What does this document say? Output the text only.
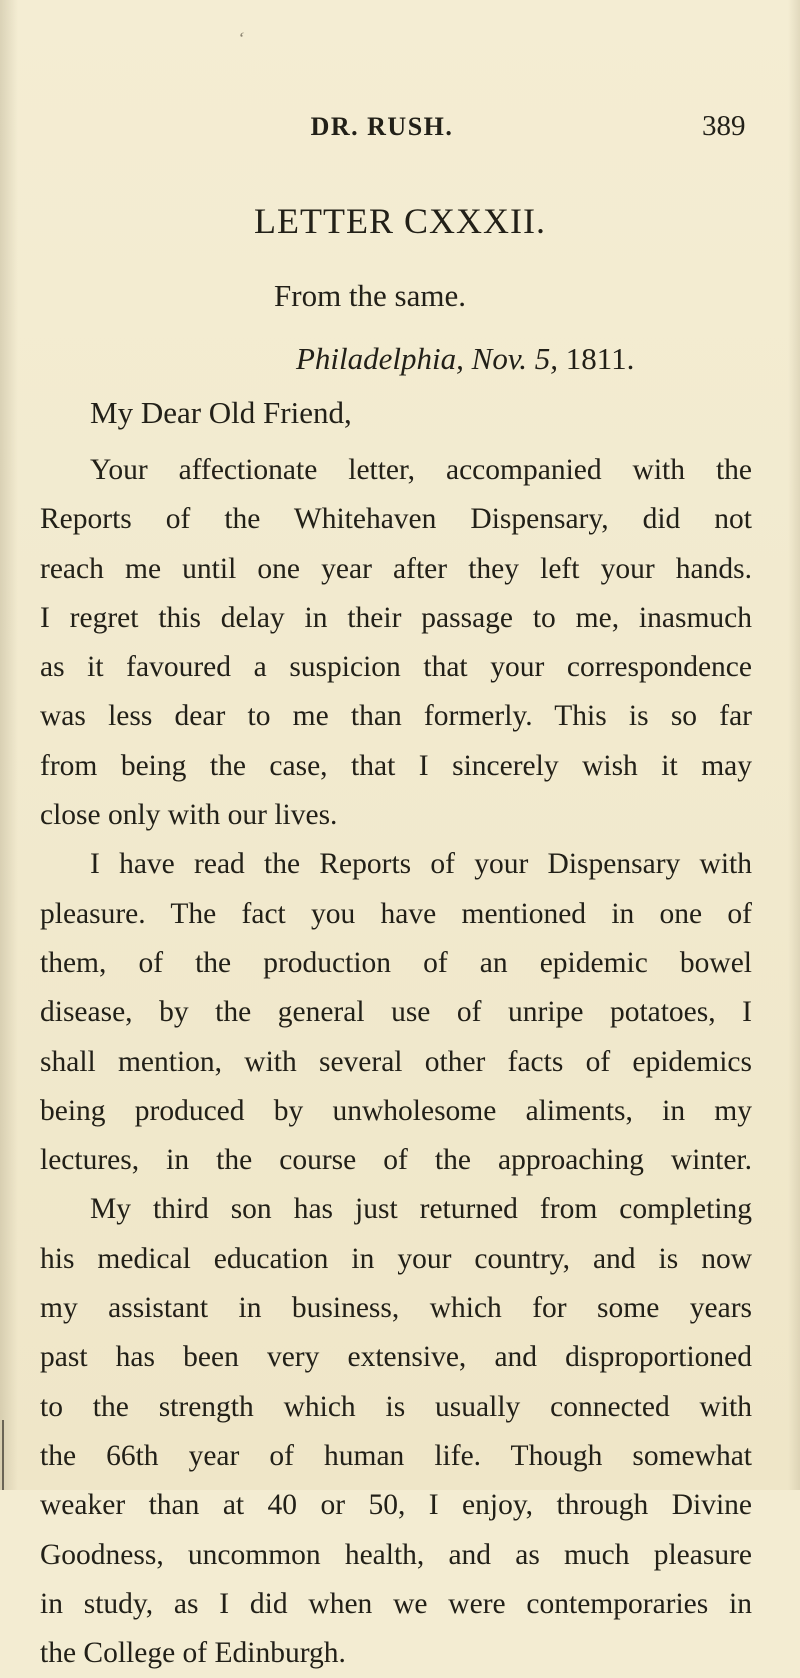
‘
DR. RUSH.	389
LETTER CXXXII.
From the same.
Philadelphia, Nov. 5, 1811.
My Dear Old Friend,
Your affectionate letter, accompanied with the
Reports of the Whitehaven Dispensary, did not
reach me until one year after they left your hands.
I regret this delay in their passage to me, inasmuch
as it favoured a suspicion that your correspondence
was less dear to me than formerly. This is so far
from being the case, that I sincerely wish it may
close only with our lives.
I have read the Reports of your Dispensary with
pleasure. The fact you have mentioned in one of
them, of the production of an epidemic bowel
disease, by the general use of unripe potatoes, I
shall mention, with several other facts of epidemics
being produced by unwholesome aliments, in my
lectures, in the course of the approaching winter.
My third son has just returned from completing
his medical education in your country, and is now
my assistant in business, which for some years
past has been very extensive, and disproportioned
to the strength which is usually connected with
the 66th year of human life. Though somewhat
weaker than at 40 or 50, I enjoy, through Divine
Goodness, uncommon health, and as much pleasure
in study, as I did when we were contemporaries in
the College of Edinburgh.
